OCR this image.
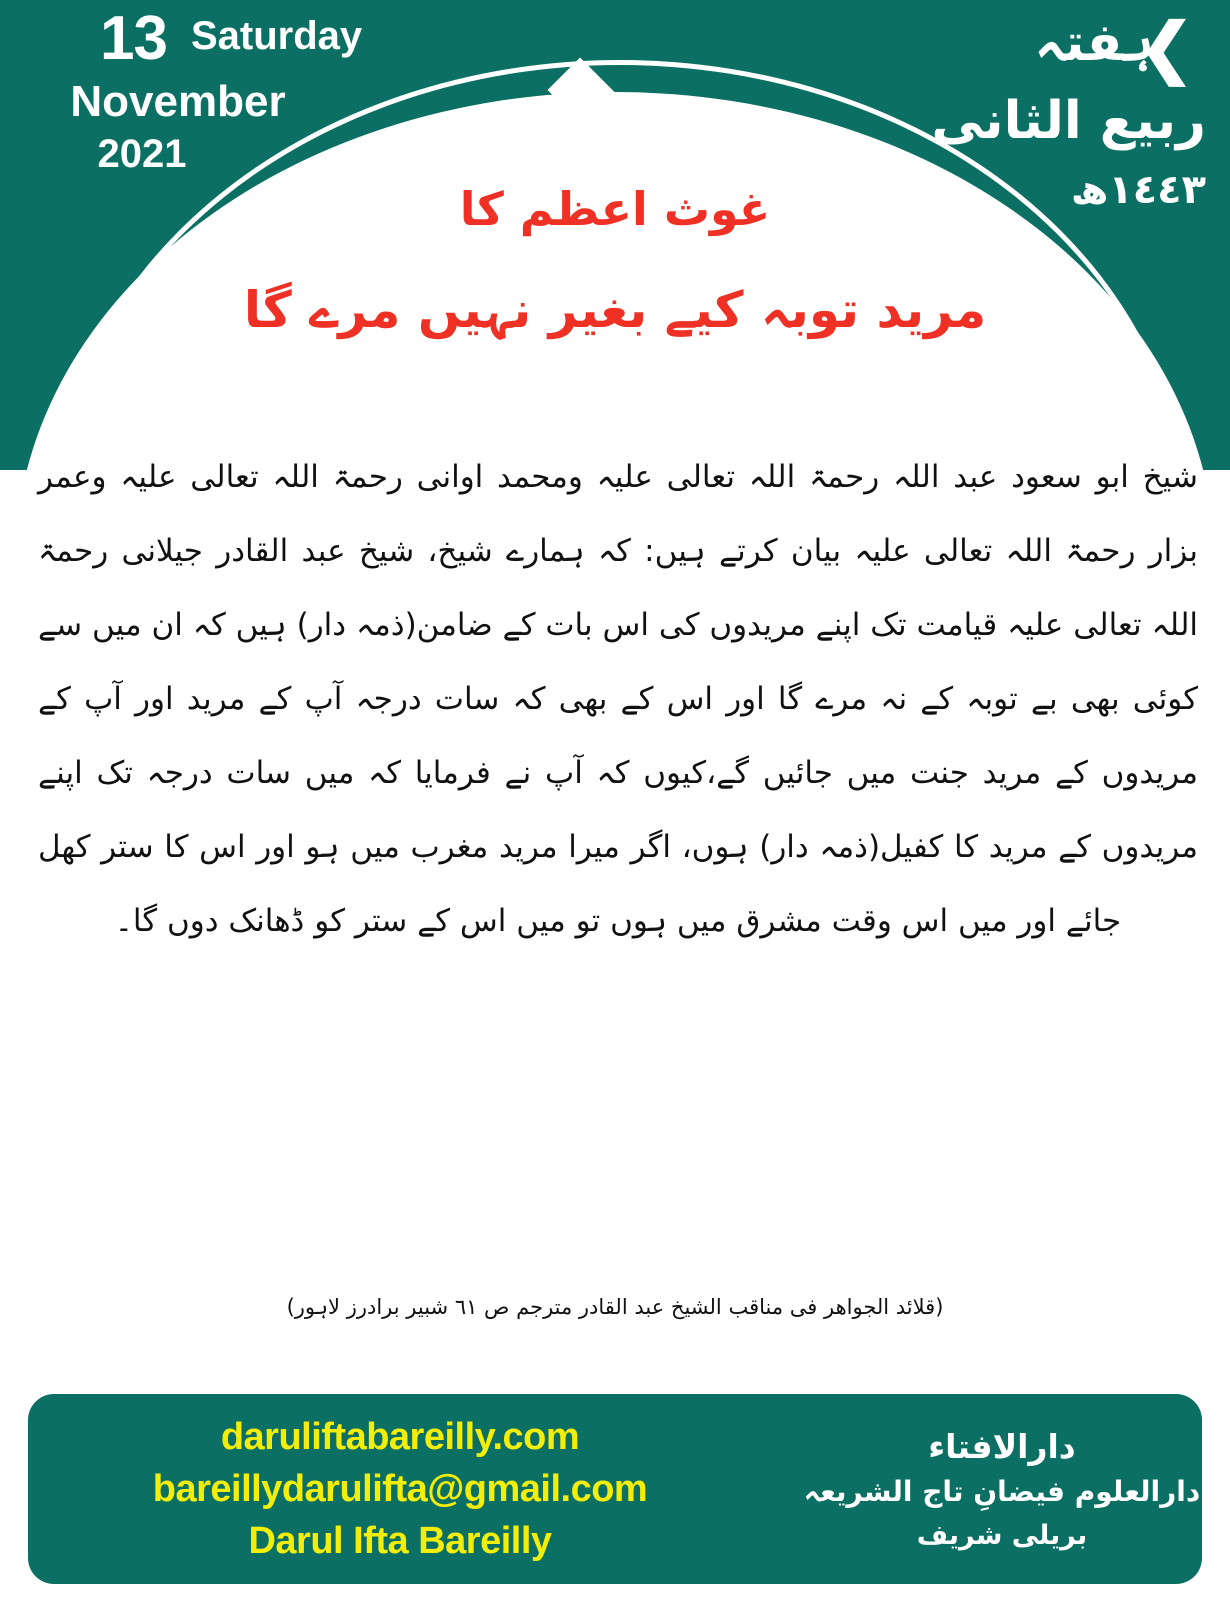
13 Saturday
November
2021
❮
ہفتہ
ربیع الثانی
١٤٤٣ھ
غوث اعظم کا
مرید توبہ کیے بغیر نہیں مرے گا
شیخ ابو سعود عبد اللہ رحمۃ اللہ تعالی علیہ ومحمد اوانی رحمۃ اللہ تعالی علیہ وعمر بزار رحمۃ اللہ تعالی علیہ بیان کرتے ہیں: کہ ہمارے شیخ، شیخ عبد القادر جیلانی رحمۃ اللہ تعالی علیہ قیامت تک اپنے مریدوں کی اس بات کے ضامن(ذمہ دار) ہیں کہ ان میں سے کوئی بھی بے توبہ کے نہ مرے گا اور اس کے بھی کہ سات درجہ آپ کے مرید اور آپ کے مریدوں کے مرید جنت میں جائیں گے،کیوں کہ آپ نے فرمایا کہ میں سات درجہ تک اپنے مریدوں کے مرید کا کفیل(ذمہ دار) ہوں، اگر میرا مرید مغرب میں ہو اور اس کا ستر کھل جائے اور میں اس وقت مشرق میں ہوں تو میں اس کے ستر کو ڈھانک دوں گا۔
(قلائد الجواهر فى مناقب الشیخ عبد القادر مترجم ص ٦١ شبیر برادرز لاہور)
daruliftabareilly.com
bareillydarulifta@gmail.com
Darul Ifta Bareilly
دارالافتاء
دارالعلوم فیضانِ تاج الشریعہ
بریلی شریف
